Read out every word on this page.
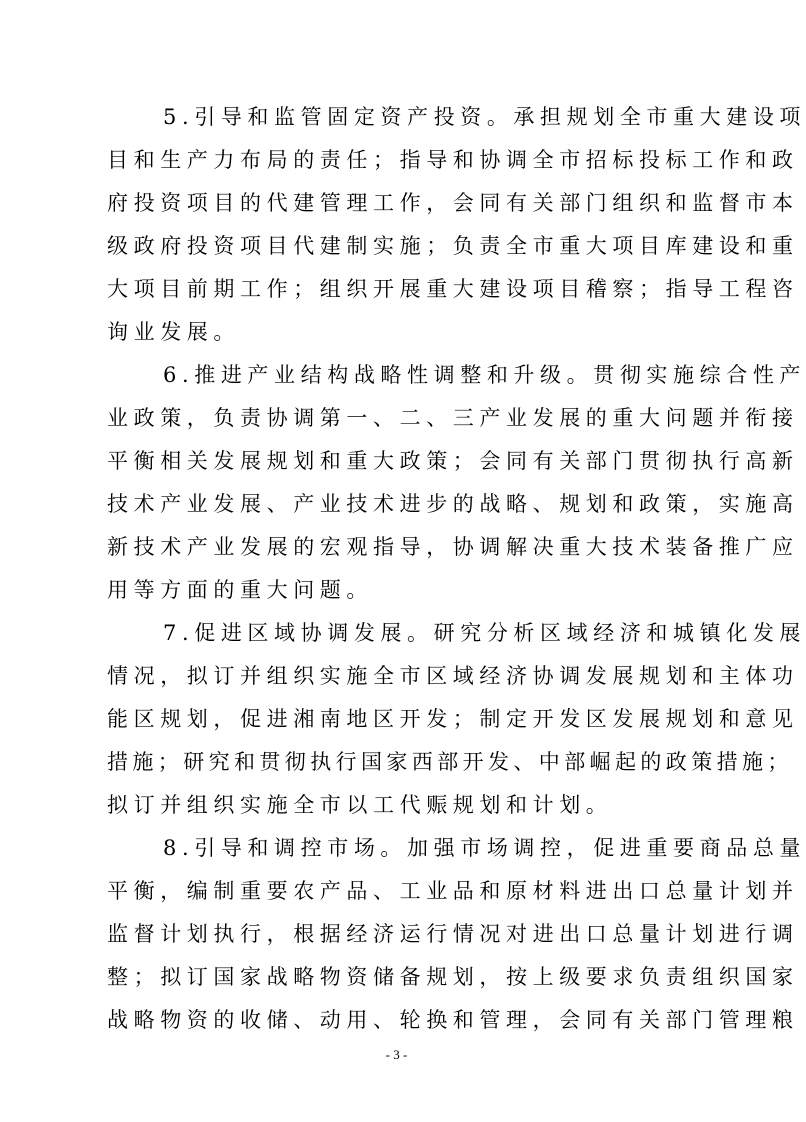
5.引导和监管固定资产投资。承担规划全市重大建设项
目和生产力布局的责任；指导和协调全市招标投标工作和政
府投资项目的代建管理工作，会同有关部门组织和监督市本
级政府投资项目代建制实施；负责全市重大项目库建设和重
大项目前期工作；组织开展重大建设项目稽察；指导工程咨
询业发展。
6.推进产业结构战略性调整和升级。贯彻实施综合性产
业政策，负责协调第一、二、三产业发展的重大问题并衔接
平衡相关发展规划和重大政策；会同有关部门贯彻执行高新
技术产业发展、产业技术进步的战略、规划和政策，实施高
新技术产业发展的宏观指导，协调解决重大技术装备推广应
用等方面的重大问题。
7.促进区域协调发展。研究分析区域经济和城镇化发展
情况，拟订并组织实施全市区域经济协调发展规划和主体功
能区规划，促进湘南地区开发；制定开发区发展规划和意见
措施；研究和贯彻执行国家西部开发、中部崛起的政策措施；
拟订并组织实施全市以工代赈规划和计划。
8.引导和调控市场。加强市场调控，促进重要商品总量
平衡，编制重要农产品、工业品和原材料进出口总量计划并
监督计划执行，根据经济运行情况对进出口总量计划进行调
整；拟订国家战略物资储备规划，按上级要求负责组织国家
战略物资的收储、动用、轮换和管理，会同有关部门管理粮
- 3 -
